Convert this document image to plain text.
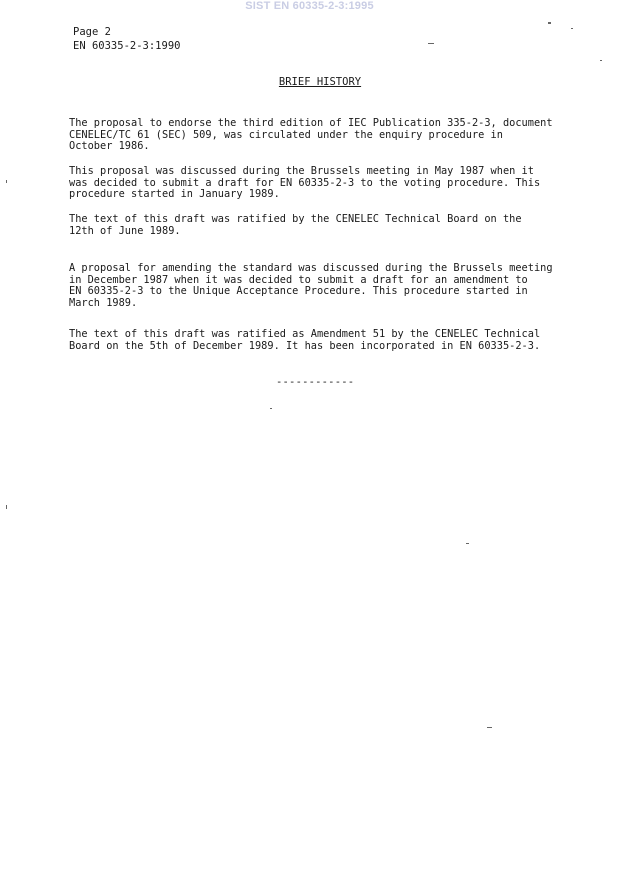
SIST EN 60335-2-3:1995
Page 2
EN 60335-2-3:1990
BRIEF HISTORY
The proposal to endorse the third edition of IEC Publication 335-2-3, document
CENELEC/TC 61 (SEC) 509, was circulated under the enquiry procedure in
October 1986.
This proposal was discussed during the Brussels meeting in May 1987 when it
was decided to submit a draft for EN 60335-2-3 to the voting procedure. This
procedure started in January 1989.
The text of this draft was ratified by the CENELEC Technical Board on the
12th of June 1989.
A proposal for amending the standard was discussed during the Brussels meeting
in December 1987 when it was decided to submit a draft for an amendment to
EN 60335-2-3 to the Unique Acceptance Procedure. This procedure started in
March 1989.
The text of this draft was ratified as Amendment 51 by the CENELEC Technical
Board on the 5th of December 1989. It has been incorporated in EN 60335-2-3.
------------
